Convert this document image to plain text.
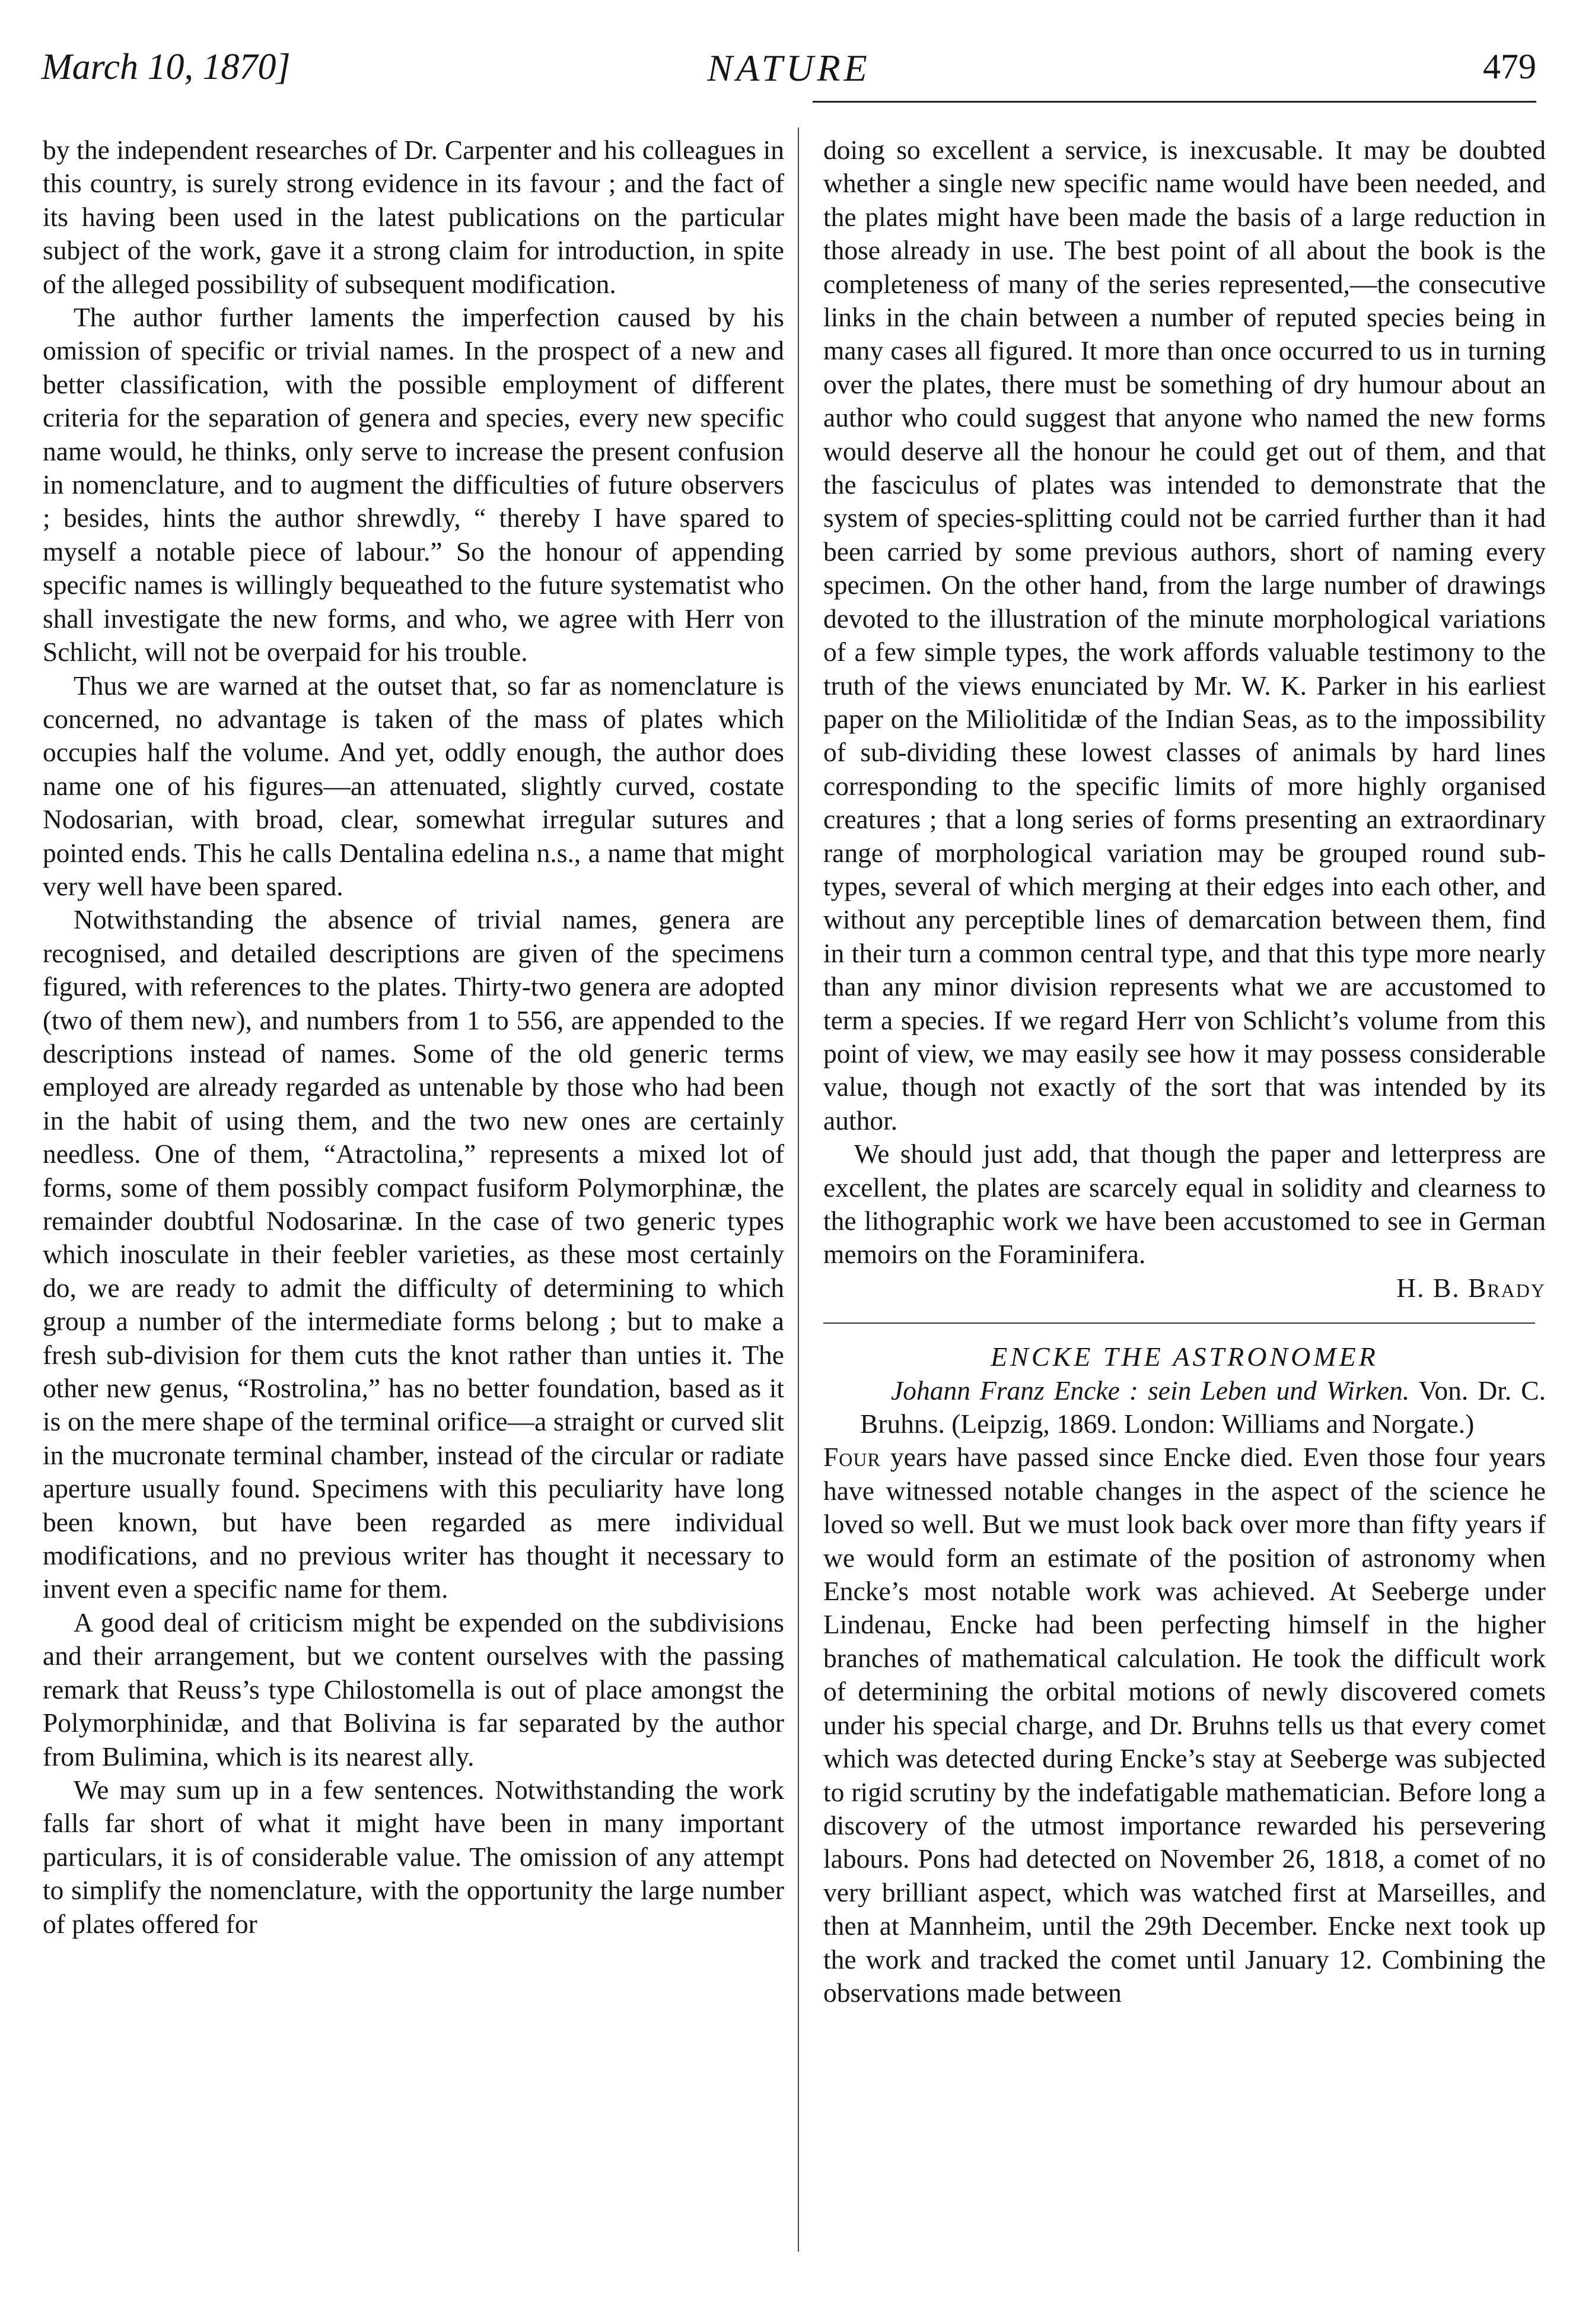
March 10, 1870]	NATURE	479

by the independent researches of Dr. Carpenter and his colleagues in this country, is surely strong evidence in its favour ; and the fact of its having been used in the latest publications on the particular subject of the work, gave it a strong claim for introduction, in spite of the alleged possibility of subsequent modification.

The author further laments the imperfection caused by his omission of specific or trivial names. In the prospect of a new and better classification, with the possible employment of different criteria for the separation of genera and species, every new specific name would, he thinks, only serve to increase the present confusion in nomenclature, and to augment the difficulties of future observers ; besides, hints the author shrewdly, “ thereby I have spared to myself a notable piece of labour.” So the honour of appending specific names is willingly bequeathed to the future systematist who shall investigate the new forms, and who, we agree with Herr von Schlicht, will not be overpaid for his trouble.

Thus we are warned at the outset that, so far as nomenclature is concerned, no advantage is taken of the mass of plates which occupies half the volume. And yet, oddly enough, the author does name one of his figures—an attenuated, slightly curved, costate Nodosarian, with broad, clear, somewhat irregular sutures and pointed ends. This he calls Dentalina edelina n.s., a name that might very well have been spared.

Notwithstanding the absence of trivial names, genera are recognised, and detailed descriptions are given of the specimens figured, with references to the plates. Thirty-two genera are adopted (two of them new), and numbers from 1 to 556, are appended to the descriptions instead of names. Some of the old generic terms employed are already regarded as untenable by those who had been in the habit of using them, and the two new ones are certainly needless. One of them, “Atractolina,” represents a mixed lot of forms, some of them possibly compact fusiform Polymorphinæ, the remainder doubtful Nodosarinæ. In the case of two generic types which inosculate in their feebler varieties, as these most certainly do, we are ready to admit the difficulty of determining to which group a number of the intermediate forms belong ; but to make a fresh sub-division for them cuts the knot rather than unties it. The other new genus, “Rostrolina,” has no better foundation, based as it is on the mere shape of the terminal orifice—a straight or curved slit in the mucronate terminal chamber, instead of the circular or radiate aperture usually found. Specimens with this peculiarity have long been known, but have been regarded as mere individual modifications, and no previous writer has thought it necessary to invent even a specific name for them.

A good deal of criticism might be expended on the subdivisions and their arrangement, but we content ourselves with the passing remark that Reuss’s type Chilostomella is out of place amongst the Polymorphinidæ, and that Bolivina is far separated by the author from Bulimina, which is its nearest ally.

We may sum up in a few sentences. Notwithstanding the work falls far short of what it might have been in many important particulars, it is of considerable value. The omission of any attempt to simplify the nomenclature, with the opportunity the large number of plates offered for

doing so excellent a service, is inexcusable. It may be doubted whether a single new specific name would have been needed, and the plates might have been made the basis of a large reduction in those already in use. The best point of all about the book is the completeness of many of the series represented,—the consecutive links in the chain between a number of reputed species being in many cases all figured. It more than once occurred to us in turning over the plates, there must be something of dry humour about an author who could suggest that anyone who named the new forms would deserve all the honour he could get out of them, and that the fasciculus of plates was intended to demonstrate that the system of species-splitting could not be carried further than it had been carried by some previous authors, short of naming every specimen. On the other hand, from the large number of drawings devoted to the illustration of the minute morphological variations of a few simple types, the work affords valuable testimony to the truth of the views enunciated by Mr. W. K. Parker in his earliest paper on the Miliolitidæ of the Indian Seas, as to the impossibility of sub-dividing these lowest classes of animals by hard lines corresponding to the specific limits of more highly organised creatures ; that a long series of forms presenting an extraordinary range of morphological variation may be grouped round sub-types, several of which merging at their edges into each other, and without any perceptible lines of demarcation between them, find in their turn a common central type, and that this type more nearly than any minor division represents what we are accustomed to term a species. If we regard Herr von Schlicht’s volume from this point of view, we may easily see how it may possess considerable value, though not exactly of the sort that was intended by its author.

We should just add, that though the paper and letterpress are excellent, the plates are scarcely equal in solidity and clearness to the lithographic work we have been accustomed to see in German memoirs on the Foraminifera.

H. B. Brady

ENCKE THE ASTRONOMER

Johann Franz Encke : sein Leben und Wirken. Von. Dr. C. Bruhns. (Leipzig, 1869. London: Williams and Norgate.)

Four years have passed since Encke died. Even those four years have witnessed notable changes in the aspect of the science he loved so well. But we must look back over more than fifty years if we would form an estimate of the position of astronomy when Encke’s most notable work was achieved. At Seeberge under Lindenau, Encke had been perfecting himself in the higher branches of mathematical calculation. He took the difficult work of determining the orbital motions of newly discovered comets under his special charge, and Dr. Bruhns tells us that every comet which was detected during Encke’s stay at Seeberge was subjected to rigid scrutiny by the indefatigable mathematician. Before long a discovery of the utmost importance rewarded his persevering labours. Pons had detected on November 26, 1818, a comet of no very brilliant aspect, which was watched first at Marseilles, and then at Mannheim, until the 29th December. Encke next took up the work and tracked the comet until January 12. Combining the observations made between
